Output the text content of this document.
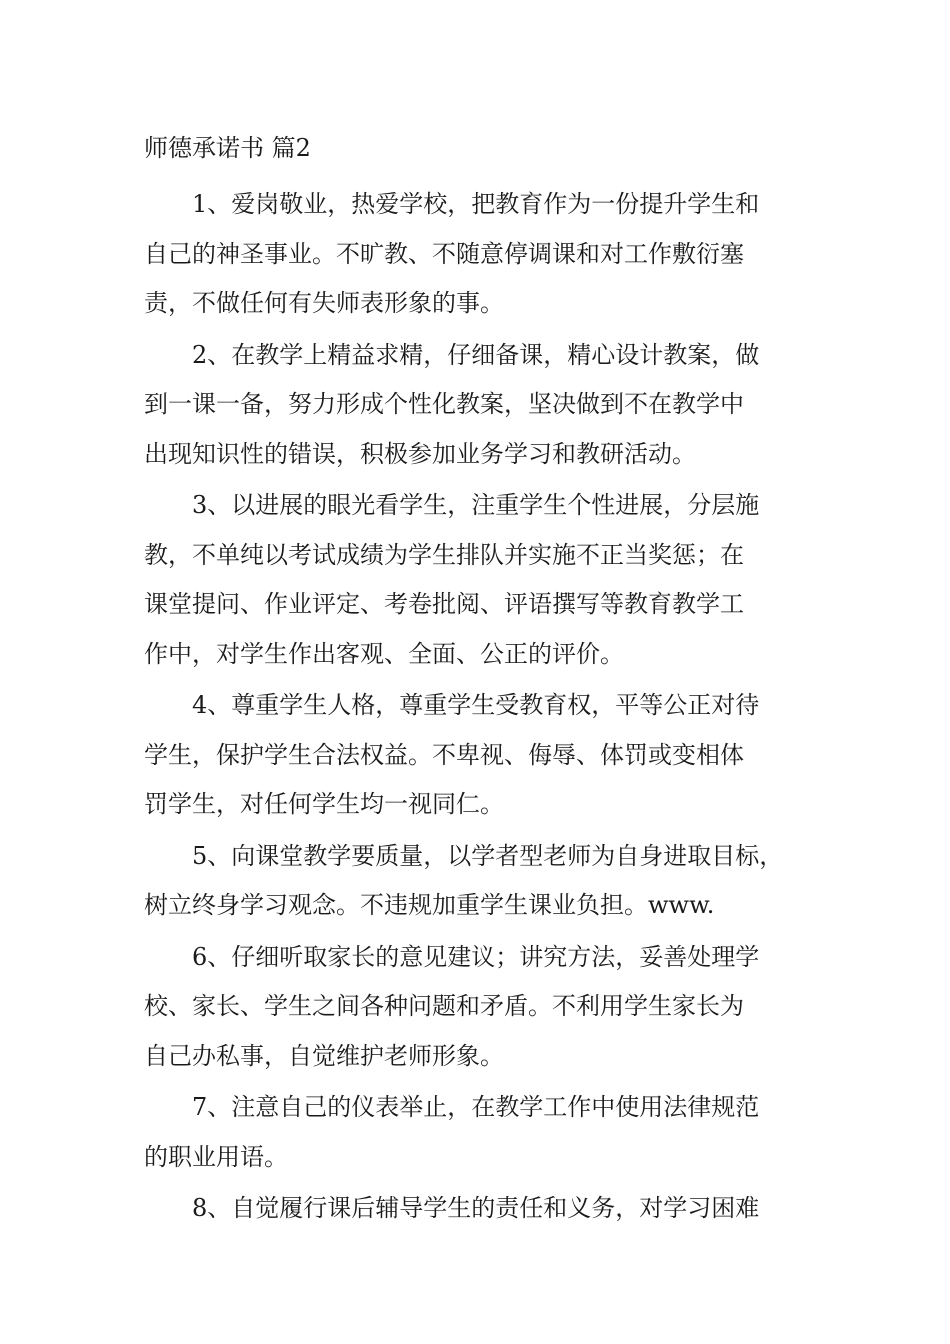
师德承诺书 篇2
1、爱岗敬业，热爱学校，把教育作为一份提升学生和
自己的神圣事业。不旷教、不随意停调课和对工作敷衍塞
责，不做任何有失师表形象的事。
2、在教学上精益求精，仔细备课，精心设计教案，做
到一课一备，努力形成个性化教案，坚决做到不在教学中
出现知识性的错误，积极参加业务学习和教研活动。
3、以进展的眼光看学生，注重学生个性进展，分层施
教，不单纯以考试成绩为学生排队并实施不正当奖惩；在
课堂提问、作业评定、考卷批阅、评语撰写等教育教学工
作中，对学生作出客观、全面、公正的评价。
4、尊重学生人格，尊重学生受教育权，平等公正对待
学生，保护学生合法权益。不卑视、侮辱、体罚或变相体
罚学生，对任何学生均一视同仁。
5、向课堂教学要质量，以学者型老师为自身进取目标，
树立终身学习观念。不违规加重学生课业负担。www.
6、仔细听取家长的意见建议；讲究方法，妥善处理学
校、家长、学生之间各种问题和矛盾。不利用学生家长为
自己办私事，自觉维护老师形象。
7、注意自己的仪表举止，在教学工作中使用法律规范
的职业用语。
8、自觉履行课后辅导学生的责任和义务，对学习困难
